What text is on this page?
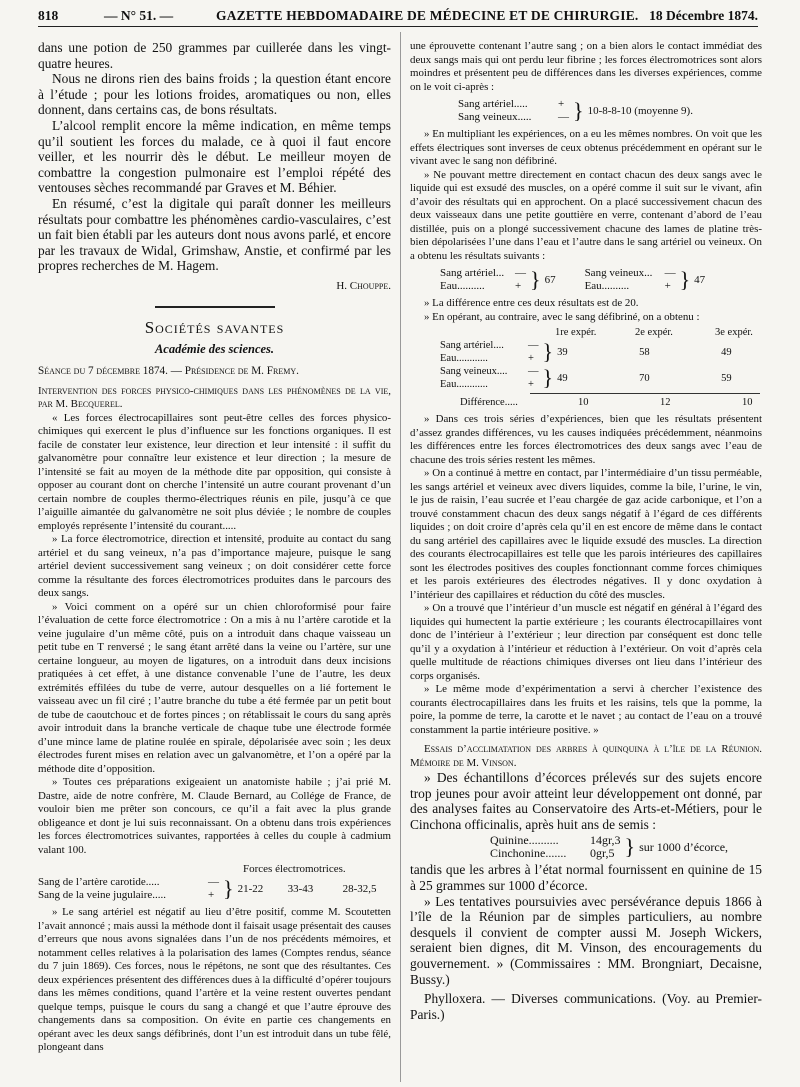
818	— N° 51. —	GAZETTE HEBDOMADAIRE DE MÉDECINE ET DE CHIRURGIE. 18 Décembre 1874.

dans une potion de 250 grammes par cuillerée dans les vingt-quatre heures.

Nous ne dirons rien des bains froids ; la question étant encore à l’étude ; pour les lotions froides, aromatiques ou non, elles donnent, dans certains cas, de bons résultats.

L’alcool remplit encore la même indication, en même temps qu’il soutient les forces du malade, ce à quoi il faut encore veiller, et les nourrir dès le début. Le meilleur moyen de combattre la congestion pulmonaire est l’emploi répété des ventouses sèches recommandé par Graves et M. Béhier.

En résumé, c’est la digitale qui paraît donner les meilleurs résultats pour combattre les phénomènes cardio-vasculaires, c’est un fait bien établi par les auteurs dont nous avons parlé, et encore par les travaux de Widal, Grimshaw, Anstie, et confirmé par les propres recherches de M. Hagem.

H. Chouppe.

Sociétés savantes
Académie des sciences.
Séance du 7 décembre 1874. — Présidence de M. Fremy.

Intervention des forces physico-chimiques dans les phénomènes de la vie, par M. Becquerel.

« Les forces électrocapillaires sont peut-être celles des forces physico-chimiques qui exercent le plus d’influence sur les fonctions organiques. Il est facile de constater leur existence, leur direction et leur intensité : il suffit du galvanomètre pour connaître leur existence et leur direction ; la mesure de l’intensité se fait au moyen de la méthode dite par opposition, qui consiste à opposer au courant dont on cherche l’intensité un autre courant provenant d’un certain nombre de couples thermo-électriques réunis en pile, jusqu’à ce que l’aiguille aimantée du galvanomètre ne soit plus déviée ; le nombre de couples employés représente l’intensité du courant.....

» La force électromotrice, direction et intensité, produite au contact du sang artériel et du sang veineux, n’a pas d’importance majeure, puisque le sang artériel devient successivement sang veineux ; on doit considérer cette force comme la résultante des forces électromotrices produites dans le parcours des deux sangs.

» Voici comment on a opéré sur un chien chloroformisé pour faire l’évaluation de cette force électromotrice : On a mis à nu l’artère carotide et la veine jugulaire d’un même côté, puis on a introduit dans chaque vaisseau un petit tube en T renversé ; le sang étant arrêté dans la veine ou l’artère, sur une certaine longueur, au moyen de ligatures, on a introduit dans deux incisions pratiquées à cet effet, à une distance convenable l’une de l’autre, les deux extrémités effilées du tube de verre, autour desquelles on a lié fortement le vaisseau avec un fil ciré ; l’autre branche du tube a été fermée par un petit bout de tube de caoutchouc et de fortes pinces ; on rétablissait le cours du sang après avoir introduit dans la branche verticale de chaque tube une électrode formée d’une mince lame de platine roulée en spirale, dépolarisée avec soin ; les deux électrodes furent mises en relation avec un galvanomètre, et l’on a opéré par la méthode dite d’opposition.

» Toutes ces préparations exigeaient un anatomiste habile ; j’ai prié M. Dastre, aide de notre confrère, M. Claude Bernard, au Collége de France, de vouloir bien me prêter son concours, ce qu’il a fait avec la plus grande obligeance et dont je lui suis reconnaissant. On a obtenu dans trois expériences les forces électromotrices suivantes, rapportées à celles du couple à cadmium valant 100.

Forces électromotrices.
Sang de l’artère carotide.....	—
Sang de la veine jugulaire.....	+ } 21-22	33-43	28-32,5

» Le sang artériel est négatif au lieu d’être positif, comme M. Scoutetten l’avait annoncé ; mais aussi la méthode dont il faisait usage présentait des causes d’erreurs que nous avons signalées dans l’un de nos précédents mémoires, et notamment celles relatives à la polarisation des lames (Comptes rendus, séance du 7 juin 1869). Ces forces, nous le répétons, ne sont que des résultantes. Ces deux expériences présentent des différences dues à la difficulté d’opérer toujours dans les mêmes conditions, quand l’artère et la veine restent ouvertes pendant quelque temps, puisque le cours du sang a changé et que l’autre éprouve des changements dans sa composition. On évite en partie ces changements en opérant avec les deux sangs défibrinés, dont l’un est introduit dans un tube fêlé, plongeant dans

une éprouvette contenant l’autre sang ; on a bien alors le contact immédiat des deux sangs mais qui ont perdu leur fibrine ; les forces électromotrices sont alors moindres et présentent peu de différences dans les diverses expériences, comme on le voit ci-après :

Sang artériel.....	+
Sang veineux.....	— } 10-8-8-10 (moyenne 9).

» En multipliant les expériences, on a eu les mêmes nombres. On voit que les effets électriques sont inverses de ceux obtenus précédemment en opérant sur le vivant avec le sang non défibriné.

» Ne pouvant mettre directement en contact chacun des deux sangs avec le liquide qui est exsudé des muscles, on a opéré comme il suit sur le vivant, afin d’avoir des résultats qui en approchent. On a placé successivement chacun des deux vaisseaux dans une petite gouttière en verre, contenant d’abord de l’eau distillée, puis on a plongé successivement chacune des lames de platine très-bien dépolarisées l’une dans l’eau et l’autre dans le sang artériel ou veineux. On a obtenu les résultats suivants :

Sang artériel... —
Eau..........	+ } 67
Sang veineux...	—
Eau..........	+ } 47

» La différence entre ces deux résultats est de 20.

» En opérant, au contraire, avec le sang défibriné, on a obtenu :

1re expér.	2e expér.	3e expér.
Sang artériel....	—
Eau............	+ } 39	58	49
Sang veineux....	—
Eau............	+ } 49	70	59
Différence.....	10	12	10

» Dans ces trois séries d’expériences, bien que les résultats présentent d’assez grandes différences, vu les causes indiquées précédemment, néanmoins les différences entre les forces électromotrices des deux sangs avec l’eau de chacune des trois séries restent les mêmes.

» On a continué à mettre en contact, par l’intermédiaire d’un tissu perméable, les sangs artériel et veineux avec divers liquides, comme la bile, l’urine, le vin, le jus de raisin, l’eau sucrée et l’eau chargée de gaz acide carbonique, et l’on a trouvé constamment chacun des deux sangs négatif à l’égard de ces différents liquides ; on doit croire d’après cela qu’il en est encore de même dans le contact du sang artériel des capillaires avec le liquide exsudé des muscles. La direction des courants électrocapillaires est telle que les parois intérieures des capillaires sont les électrodes positives des couples fonctionnant comme forces chimiques et les parois extérieures des électrodes négatives. Il y donc oxydation à l’intérieur des capillaires et réduction du côté des muscles.

» On a trouvé que l’intérieur d’un muscle est négatif en général à l’égard des liquides qui humectent la partie extérieure ; les courants électrocapillaires vont donc de l’intérieur à l’extérieur ; leur direction par conséquent est donc telle qu’il y a oxydation à l’intérieur et réduction à l’extérieur. On voit d’après cela quelle multitude de réactions chimiques diverses ont lieu dans l’intérieur des corps organisés.

» Le même mode d’expérimentation a servi à chercher l’existence des courants électrocapillaires dans les fruits et les raisins, tels que la pomme, la poire, la pomme de terre, la carotte et le navet ; au contact de l’eau on a trouvé constamment la partie intérieure positive. »

Essais d’acclimatation des arbres à quinquina à l’île de la Réunion. Mémoire de M. Vinson.

» Des échantillons d’écorces prélevés sur des sujets encore trop jeunes pour avoir atteint leur développement ont donné, par des analyses faites au Conservatoire des Arts-et-Métiers, pour le Cinchona officinalis, après huit ans de semis :

Quinine..........	14gr,3
Cinchonine.......	0gr,5 } sur 1000 d’écorce,

tandis que les arbres à l’état normal fournissent en quinine de 15 à 25 grammes sur 1000 d’écorce.

» Les tentatives poursuivies avec persévérance depuis 1866 à l’île de la Réunion par de simples particuliers, au nombre desquels il convient de compter aussi M. Joseph Wickers, seraient bien dignes, dit M. Vinson, des encouragements du gouvernement. » (Commissaires : MM. Brongniart, Decaisne, Bussy.)

Phylloxera. — Diverses communications. (Voy. au Premier-Paris.)
